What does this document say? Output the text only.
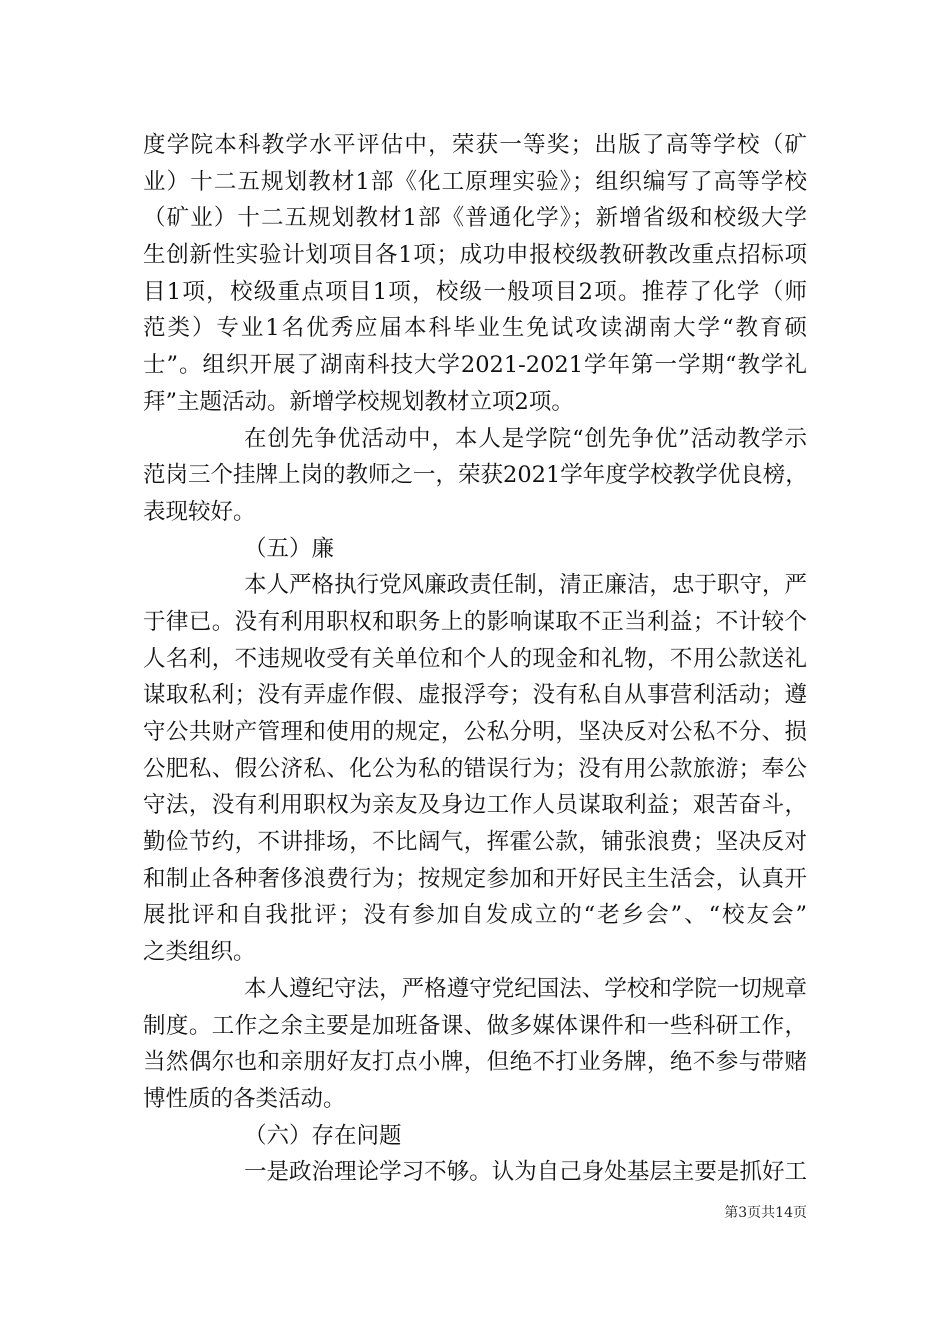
度学院本科教学水平评估中，荣获一等奖；出版了高等学校（矿
业）十二五规划教材1部《化工原理实验》；组织编写了高等学校
（矿业）十二五规划教材1部《普通化学》；新增省级和校级大学
生创新性实验计划项目各1项；成功申报校级教研教改重点招标项
目1项，校级重点项目1项，校级一般项目2项。推荐了化学（师
范类）专业1名优秀应届本科毕业生免试攻读湖南大学“教育硕
士”。组织开展了湖南科技大学2021-2021学年第一学期“教学礼
拜”主题活动。新增学校规划教材立项2项。
在创先争优活动中，本人是学院“创先争优”活动教学示
范岗三个挂牌上岗的教师之一，荣获2021学年度学校教学优良榜，
表现较好。
（五）廉
本人严格执行党风廉政责任制，清正廉洁，忠于职守，严
于律已。没有利用职权和职务上的影响谋取不正当利益；不计较个
人名利，不违规收受有关单位和个人的现金和礼物，不用公款送礼
谋取私利；没有弄虚作假、虚报浮夸；没有私自从事营利活动；遵
守公共财产管理和使用的规定，公私分明，坚决反对公私不分、损
公肥私、假公济私、化公为私的错误行为；没有用公款旅游；奉公
守法，没有利用职权为亲友及身边工作人员谋取利益；艰苦奋斗，
勤俭节约，不讲排场，不比阔气，挥霍公款，铺张浪费；坚决反对
和制止各种奢侈浪费行为；按规定参加和开好民主生活会，认真开
展批评和自我批评；没有参加自发成立的“老乡会”、“校友会”
之类组织。
本人遵纪守法，严格遵守党纪国法、学校和学院一切规章
制度。工作之余主要是加班备课、做多媒体课件和一些科研工作，
当然偶尔也和亲朋好友打点小牌，但绝不打业务牌，绝不参与带赌
博性质的各类活动。
（六）存在问题
一是政治理论学习不够。认为自己身处基层主要是抓好工
第3页共14页
